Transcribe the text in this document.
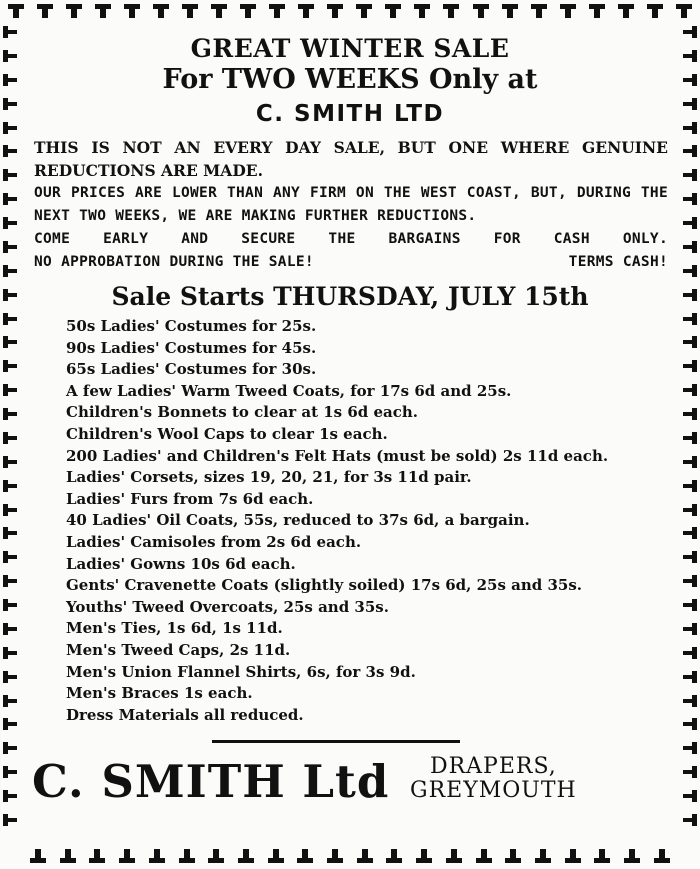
GREAT WINTER SALE
For TWO WEEKS Only at
C. SMITH LTD
THIS IS NOT AN EVERY DAY SALE, BUT ONE WHERE GENUINE REDUCTIONS ARE MADE.
OUR PRICES ARE LOWER THAN ANY FIRM ON THE WEST COAST, BUT, DURING THE NEXT TWO WEEKS, WE ARE MAKING FURTHER REDUCTIONS.
COME EARLY AND SECURE THE BARGAINS FOR CASH ONLY.
NO APPROBATION DURING THE SALE!	TERMS CASH!
Sale Starts THURSDAY, JULY 15th
50s Ladies' Costumes for 25s.
90s Ladies' Costumes for 45s.
65s Ladies' Costumes for 30s.
A few Ladies' Warm Tweed Coats, for 17s 6d and 25s.
Children's Bonnets to clear at 1s 6d each.
Children's Wool Caps to clear 1s each.
200 Ladies' and Children's Felt Hats (must be sold) 2s 11d each.
Ladies' Corsets, sizes 19, 20, 21, for 3s 11d pair.
Ladies' Furs from 7s 6d each.
40 Ladies' Oil Coats, 55s, reduced to 37s 6d, a bargain.
Ladies' Camisoles from 2s 6d each.
Ladies' Gowns 10s 6d each.
Gents' Cravenette Coats (slightly soiled) 17s 6d, 25s and 35s.
Youths' Tweed Overcoats, 25s and 35s.
Men's Ties, 1s 6d, 1s 11d.
Men's Tweed Caps, 2s 11d.
Men's Union Flannel Shirts, 6s, for 3s 9d.
Men's Braces 1s each.
Dress Materials all reduced.
C. SMITH Ltd	DRAPERS,
GREYMOUTH
